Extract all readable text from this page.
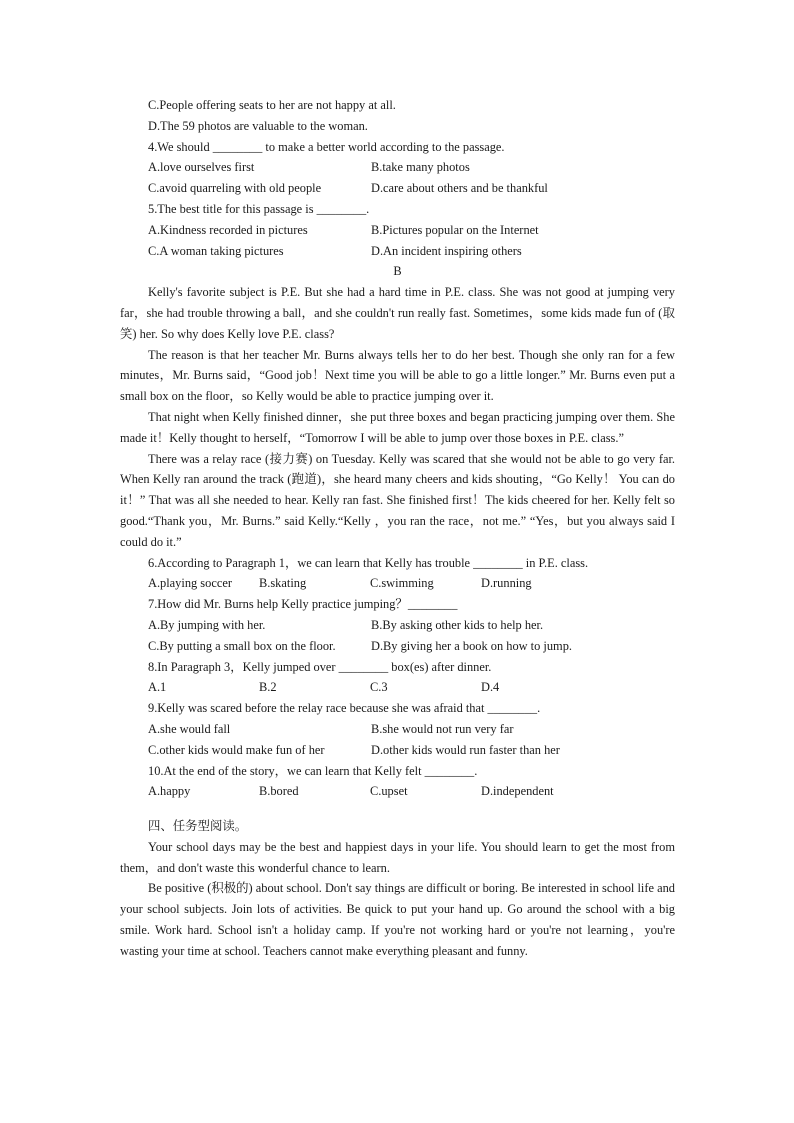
C.People offering seats to her are not happy at all.
D.The 59 photos are valuable to the woman.
4.We should ________ to make a better world according to the passage.
A.love ourselves first	B.take many photos
C.avoid quarreling with old people	D.care about others and be thankful
5.The best title for this passage is ________.
A.Kindness recorded in pictures	B.Pictures popular on the Internet
C.A woman taking pictures	D.An incident inspiring others
B

Kelly's favorite subject is P.E. But she had a hard time in P.E. class. She was not good at jumping very far，she had trouble throwing a ball，and she couldn't run really fast. Sometimes，some kids made fun of (取笑) her. So why does Kelly love P.E. class?

The reason is that her teacher Mr. Burns always tells her to do her best. Though she only ran for a few minutes，Mr. Burns said，“Good job！Next time you will be able to go a little longer.” Mr. Burns even put a small box on the floor，so Kelly would be able to practice jumping over it.

That night when Kelly finished dinner，she put three boxes and began practicing jumping over them. She made it！Kelly thought to herself，“Tomorrow I will be able to jump over those boxes in P.E. class.”

There was a relay race (接力赛) on Tuesday. Kelly was scared that she would not be able to go very far. When Kelly ran around the track (跑道)，she heard many cheers and kids shouting，“Go Kelly！ You can do it！” That was all she needed to hear. Kelly ran fast. She finished first！The kids cheered for her. Kelly felt so good.“Thank you，Mr. Burns.” said Kelly.“Kelly ，you ran the race，not me.” “Yes，but you always said I could do it.”

6.According to Paragraph 1，we can learn that Kelly has trouble ________ in P.E. class.
A.playing soccer B.skating	C.swimming	D.running
7.How did Mr. Burns help Kelly practice jumping？________
A.By jumping with her.	B.By asking other kids to help her.
C.By putting a small box on the floor.	D.By giving her a book on how to jump.
8.In Paragraph 3，Kelly jumped over ________ box(es) after dinner.
A.1	B.2	C.3	D.4
9.Kelly was scared before the relay race because she was afraid that ________.
A.she would fall	B.she would not run very far
C.other kids would make fun of her	D.other kids would run faster than her
10.At the end of the story，we can learn that Kelly felt ________.
A.happy	B.bored	C.upset	D.independent
四、任务型阅读。

Your school days may be the best and happiest days in your life. You should learn to get the most from them，and don't waste this wonderful chance to learn.

Be positive (积极的) about school. Don't say things are difficult or boring. Be interested in school life and your school subjects. Join lots of activities. Be quick to put your hand up. Go around the school with a big smile. Work hard. School isn't a holiday camp. If you're not working hard or you're not learning，you're wasting your time at school. Teachers cannot make everything pleasant and funny.
